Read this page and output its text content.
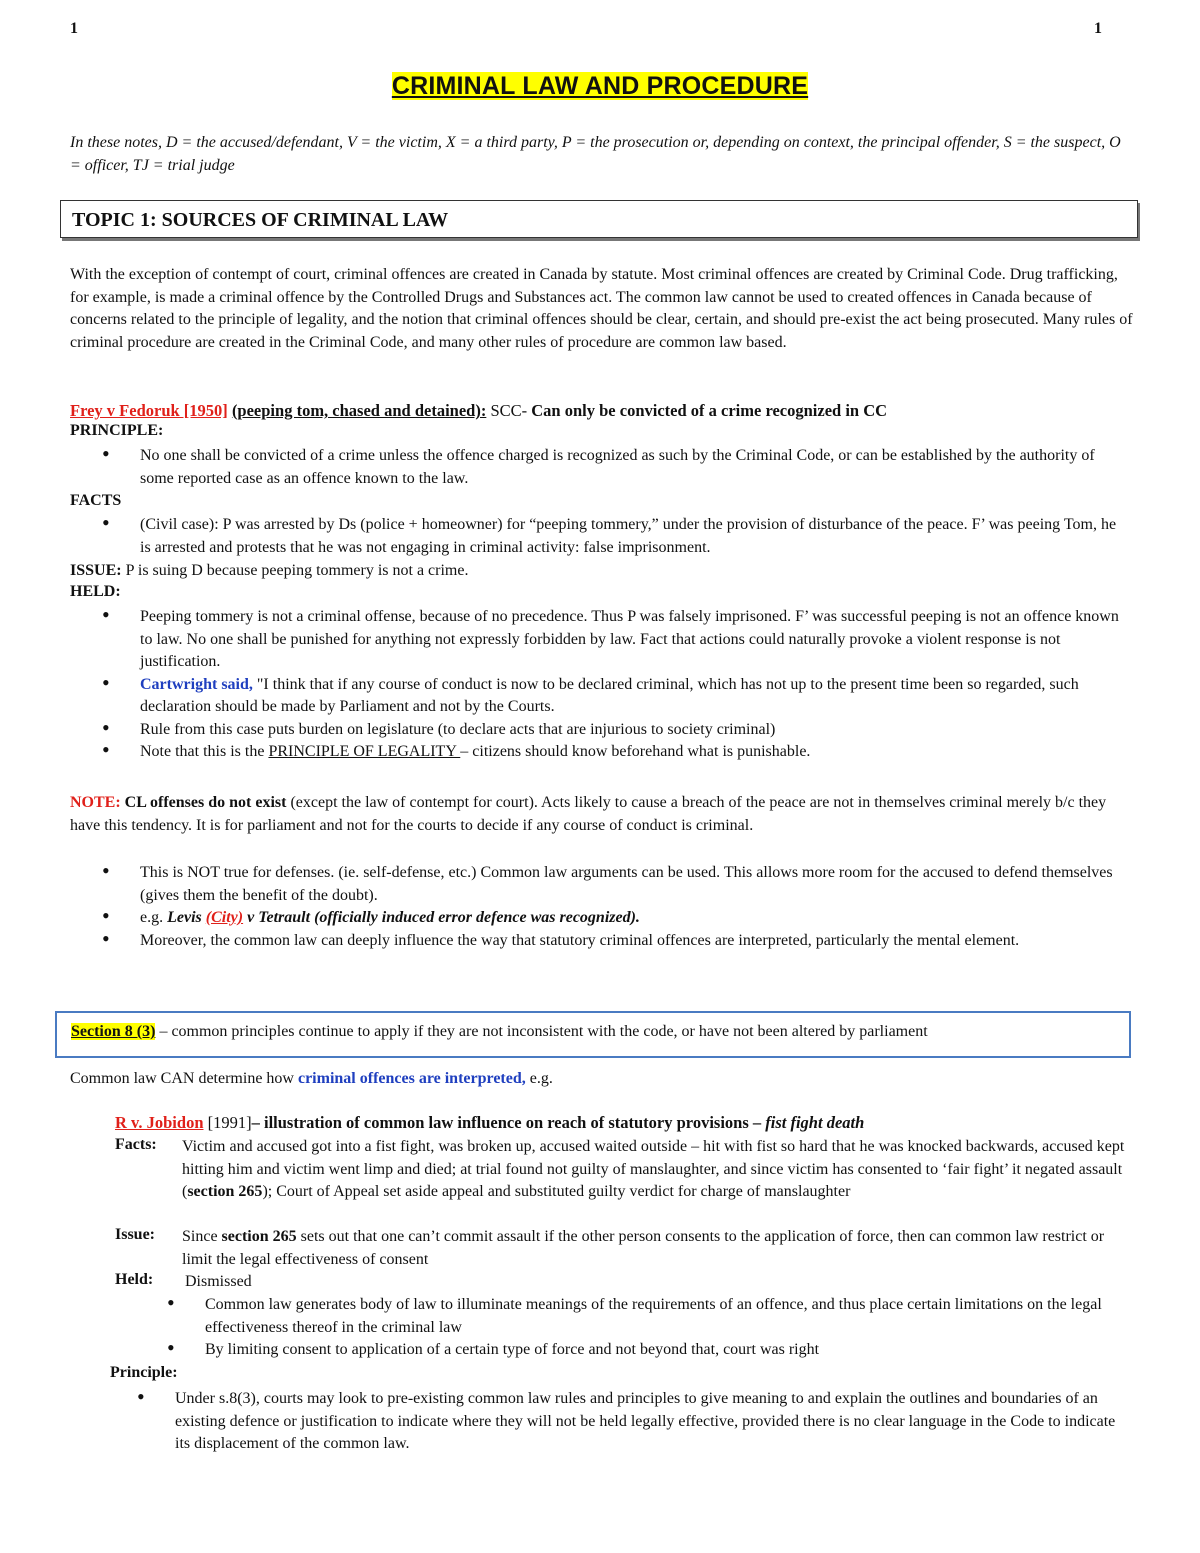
1	1
CRIMINAL LAW AND PROCEDURE
In these notes, D = the accused/defendant, V = the victim, X = a third party, P = the prosecution or, depending on context, the principal offender, S = the suspect, O = officer, TJ = trial judge
TOPIC 1: SOURCES OF CRIMINAL LAW
With the exception of contempt of court, criminal offences are created in Canada by statute. Most criminal offences are created by Criminal Code. Drug trafficking, for example, is made a criminal offence by the Controlled Drugs and Substances act. The common law cannot be used to created offences in Canada because of concerns related to the principle of legality, and the notion that criminal offences should be clear, certain, and should pre-exist the act being prosecuted. Many rules of criminal procedure are created in the Criminal Code, and many other rules of procedure are common law based.
Frey v Fedoruk [1950] (peeping tom, chased and detained): SCC- Can only be convicted of a crime recognized in CC
PRINCIPLE:
• No one shall be convicted of a crime unless the offence charged is recognized as such by the Criminal Code, or can be established by the authority of some reported case as an offence known to the law.
FACTS
• (Civil case): P was arrested by Ds (police + homeowner) for “peeping tommery,” under the provision of disturbance of the peace. F’ was peeing Tom, he is arrested and protests that he was not engaging in criminal activity: false imprisonment.
ISSUE: P is suing D because peeping tommery is not a crime.
HELD:
• Peeping tommery is not a criminal offense, because of no precedence. Thus P was falsely imprisoned. F’ was successful peeping is not an offence known to law. No one shall be punished for anything not expressly forbidden by law. Fact that actions could naturally provoke a violent response is not justification.
• Cartwright said, "I think that if any course of conduct is now to be declared criminal, which has not up to the present time been so regarded, such declaration should be made by Parliament and not by the Courts.
• Rule from this case puts burden on legislature (to declare acts that are injurious to society criminal)
• Note that this is the PRINCIPLE OF LEGALITY – citizens should know beforehand what is punishable.
NOTE: CL offenses do not exist (except the law of contempt for court). Acts likely to cause a breach of the peace are not in themselves criminal merely b/c they have this tendency. It is for parliament and not for the courts to decide if any course of conduct is criminal.
• This is NOT true for defenses. (ie. self-defense, etc.) Common law arguments can be used. This allows more room for the accused to defend themselves (gives them the benefit of the doubt).
• e.g. Levis (City) v Tetrault (officially induced error defence was recognized).
• Moreover, the common law can deeply influence the way that statutory criminal offences are interpreted, particularly the mental element.
Section 8 (3) – common principles continue to apply if they are not inconsistent with the code, or have not been altered by parliament
Common law CAN determine how criminal offences are interpreted, e.g.
R v. Jobidon [1991]– illustration of common law influence on reach of statutory provisions – fist fight death
Facts: Victim and accused got into a fist fight, was broken up, accused waited outside – hit with fist so hard that he was knocked backwards, accused kept hitting him and victim went limp and died; at trial found not guilty of manslaughter, and since victim has consented to ‘fair fight’ it negated assault (section 265); Court of Appeal set aside appeal and substituted guilty verdict for charge of manslaughter
Issue: Since section 265 sets out that one can’t commit assault if the other person consents to the application of force, then can common law restrict or limit the legal effectiveness of consent
Held: Dismissed
• Common law generates body of law to illuminate meanings of the requirements of an offence, and thus place certain limitations on the legal effectiveness thereof in the criminal law
• By limiting consent to application of a certain type of force and not beyond that, court was right
Principle:
• Under s.8(3), courts may look to pre-existing common law rules and principles to give meaning to and explain the outlines and boundaries of an existing defence or justification to indicate where they will not be held legally effective, provided there is no clear language in the Code to indicate its displacement of the common law.
